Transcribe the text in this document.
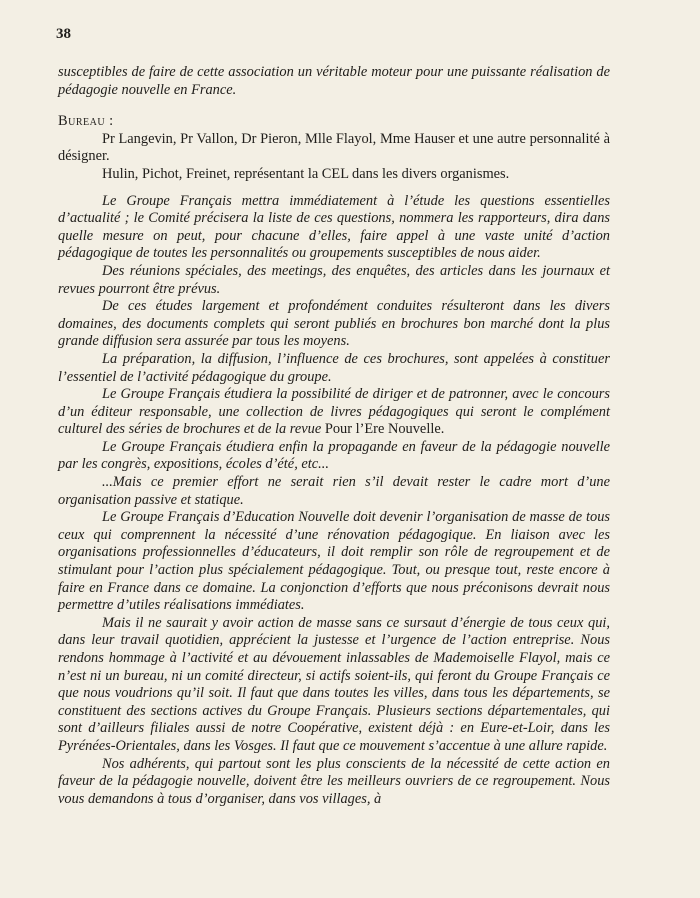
38

susceptibles de faire de cette association un véritable moteur pour une puissante réalisation de pédagogie nouvelle en France.

Bureau :

Pr Langevin, Pr Vallon, Dr Pieron, Mlle Flayol, Mme Hauser et une autre personnalité à désigner.

Hulin, Pichot, Freinet, représentant la CEL dans les divers organismes.

Le Groupe Français mettra immédiatement à l’étude les questions essentielles d’actualité ; le Comité précisera la liste de ces questions, nommera les rapporteurs, dira dans quelle mesure on peut, pour chacune d’elles, faire appel à une vaste unité d’action pédagogique de toutes les personnalités ou groupements susceptibles de nous aider.

Des réunions spéciales, des meetings, des enquêtes, des articles dans les journaux et revues pourront être prévus.

De ces études largement et profondément conduites résulteront dans les divers domaines, des documents complets qui seront publiés en brochures bon marché dont la plus grande diffusion sera assurée par tous les moyens.

La préparation, la diffusion, l’influence de ces brochures, sont appelées à constituer l’essentiel de l’activité pédagogique du groupe.

Le Groupe Français étudiera la possibilité de diriger et de patronner, avec le concours d’un éditeur responsable, une collection de livres pédagogiques qui seront le complément culturel des séries de brochures et de la revue Pour l’Ere Nouvelle.

Le Groupe Français étudiera enfin la propagande en faveur de la pédagogie nouvelle par les congrès, expositions, écoles d’été, etc...

...Mais ce premier effort ne serait rien s’il devait rester le cadre mort d’une organisation passive et statique.

Le Groupe Français d’Education Nouvelle doit devenir l’organisation de masse de tous ceux qui comprennent la nécessité d’une rénovation pédagogique. En liaison avec les organisations professionnelles d’éducateurs, il doit remplir son rôle de regroupement et de stimulant pour l’action plus spécialement pédagogique. Tout, ou presque tout, reste encore à faire en France dans ce domaine. La conjonction d’efforts que nous préconisons devrait nous permettre d’utiles réalisations immédiates.

Mais il ne saurait y avoir action de masse sans ce sursaut d’énergie de tous ceux qui, dans leur travail quotidien, apprécient la justesse et l’urgence de l’action entreprise. Nous rendons hommage à l’activité et au dévouement inlassables de Mademoiselle Flayol, mais ce n’est ni un bureau, ni un comité directeur, si actifs soient-ils, qui feront du Groupe Français ce que nous voudrions qu’il soit. Il faut que dans toutes les villes, dans tous les départements, se constituent des sections actives du Groupe Français. Plusieurs sections départementales, qui sont d’ailleurs filiales aussi de notre Coopérative, existent déjà : en Eure-et-Loir, dans les Pyrénées-Orientales, dans les Vosges. Il faut que ce mouvement s’accentue à une allure rapide.

Nos adhérents, qui partout sont les plus conscients de la nécessité de cette action en faveur de la pédagogie nouvelle, doivent être les meilleurs ouvriers de ce regroupement. Nous vous demandons à tous d’organiser, dans vos villages, à
